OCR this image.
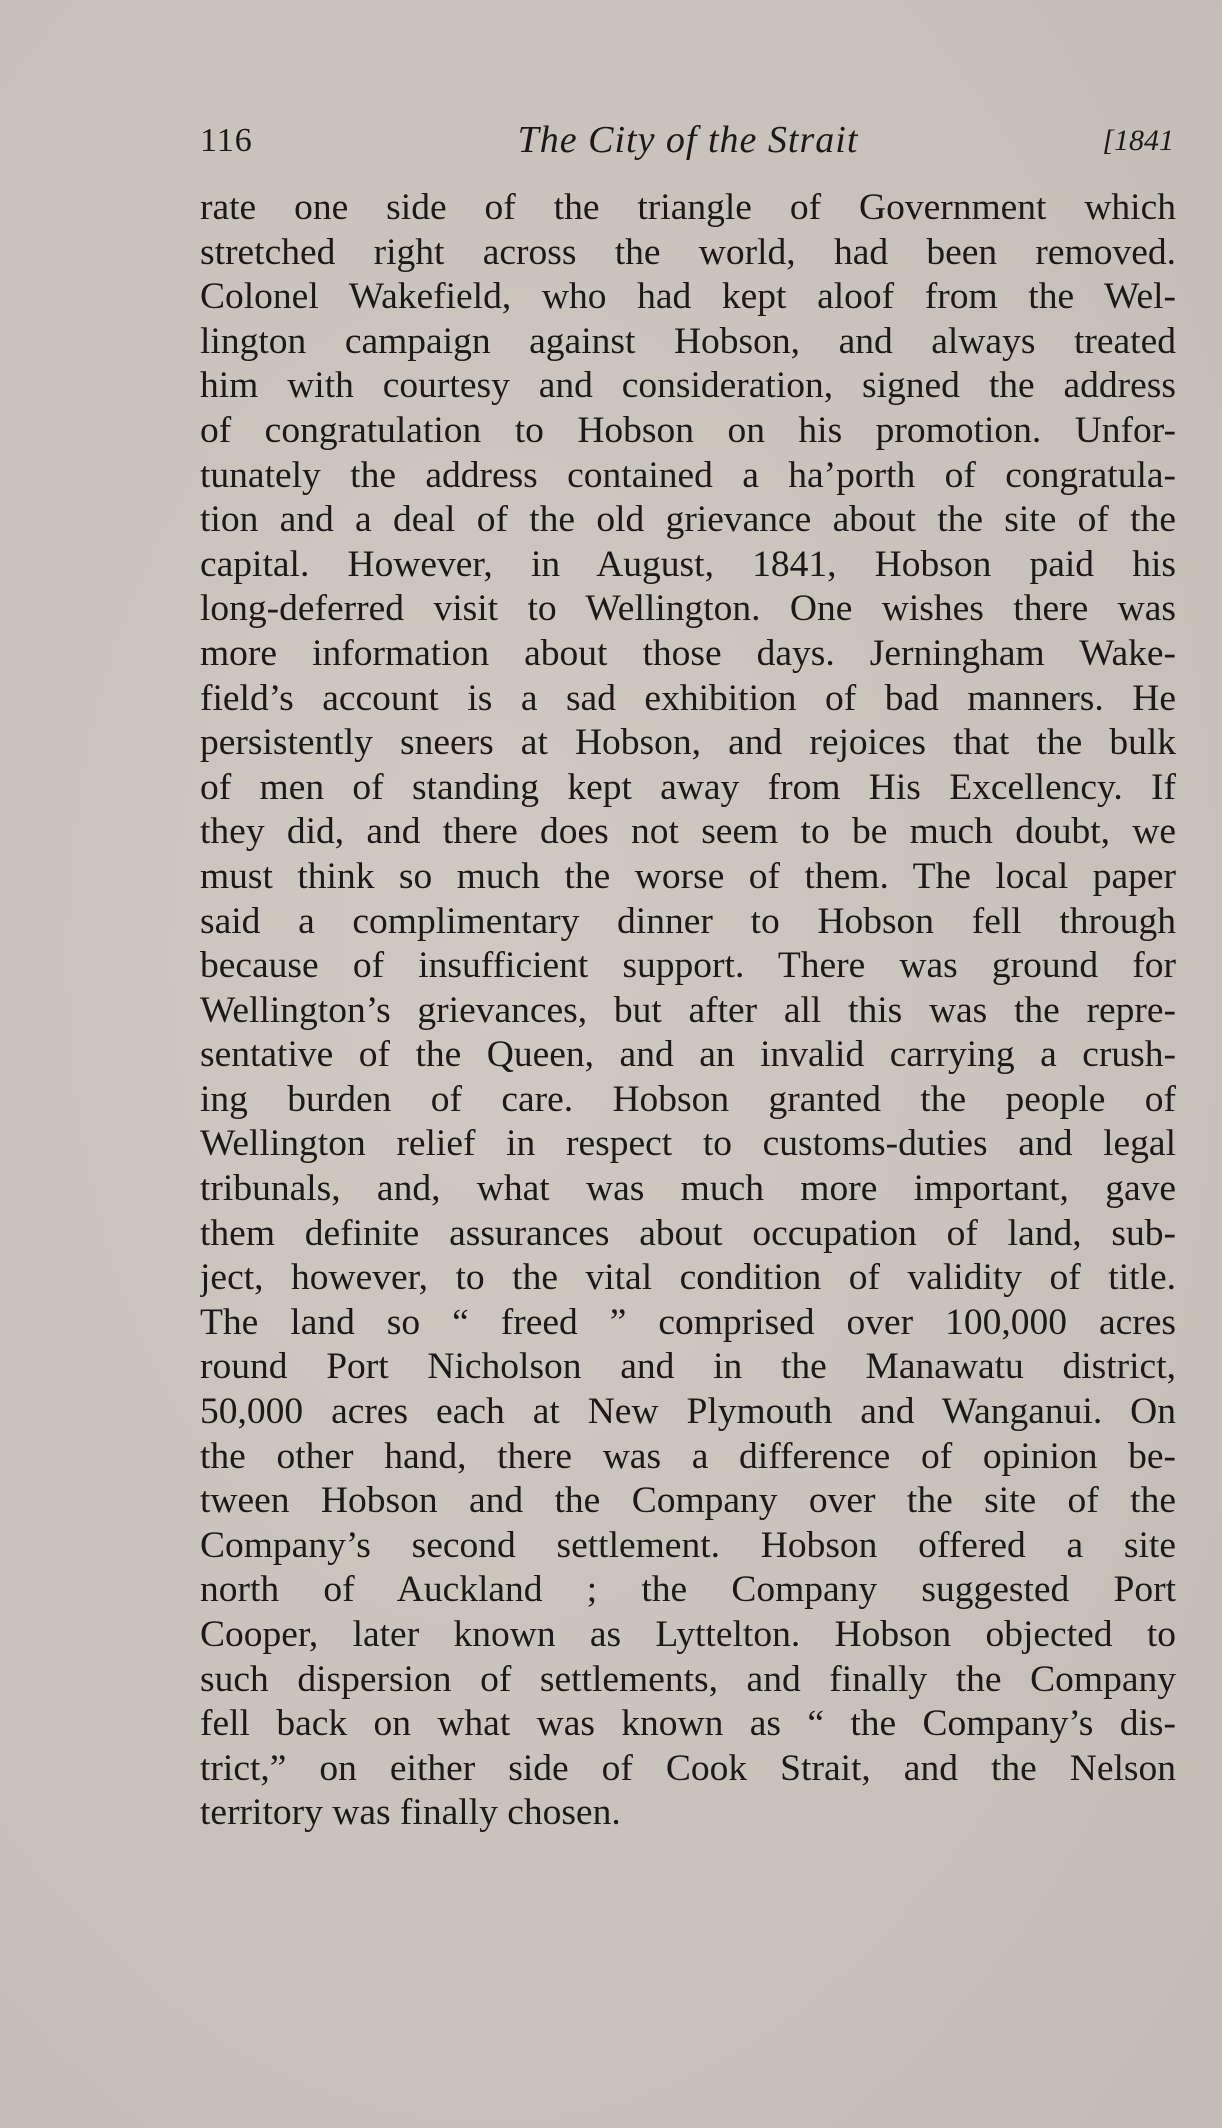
116	The City of the Strait	[1841
rate one side of the triangle of Government which
stretched right across the world, had been removed.
Colonel Wakefield, who had kept aloof from the Wel-
lington campaign against Hobson, and always treated
him with courtesy and consideration, signed the address
of congratulation to Hobson on his promotion. Unfor-
tunately the address contained a ha’porth of congratula-
tion and a deal of the old grievance about the site of the
capital. However, in August, 1841, Hobson paid his
long-deferred visit to Wellington. One wishes there was
more information about those days. Jerningham Wake-
field’s account is a sad exhibition of bad manners. He
persistently sneers at Hobson, and rejoices that the bulk
of men of standing kept away from His Excellency. If
they did, and there does not seem to be much doubt, we
must think so much the worse of them. The local paper
said a complimentary dinner to Hobson fell through
because of insufficient support. There was ground for
Wellington’s grievances, but after all this was the repre-
sentative of the Queen, and an invalid carrying a crush-
ing burden of care. Hobson granted the people of
Wellington relief in respect to customs-duties and legal
tribunals, and, what was much more important, gave
them definite assurances about occupation of land, sub-
ject, however, to the vital condition of validity of title.
The land so “ freed ” comprised over 100,000 acres
round Port Nicholson and in the Manawatu district,
50,000 acres each at New Plymouth and Wanganui. On
the other hand, there was a difference of opinion be-
tween Hobson and the Company over the site of the
Company’s second settlement. Hobson offered a site
north of Auckland ; the Company suggested Port
Cooper, later known as Lyttelton. Hobson objected to
such dispersion of settlements, and finally the Company
fell back on what was known as “ the Company’s dis-
trict,” on either side of Cook Strait, and the Nelson
territory was finally chosen.
